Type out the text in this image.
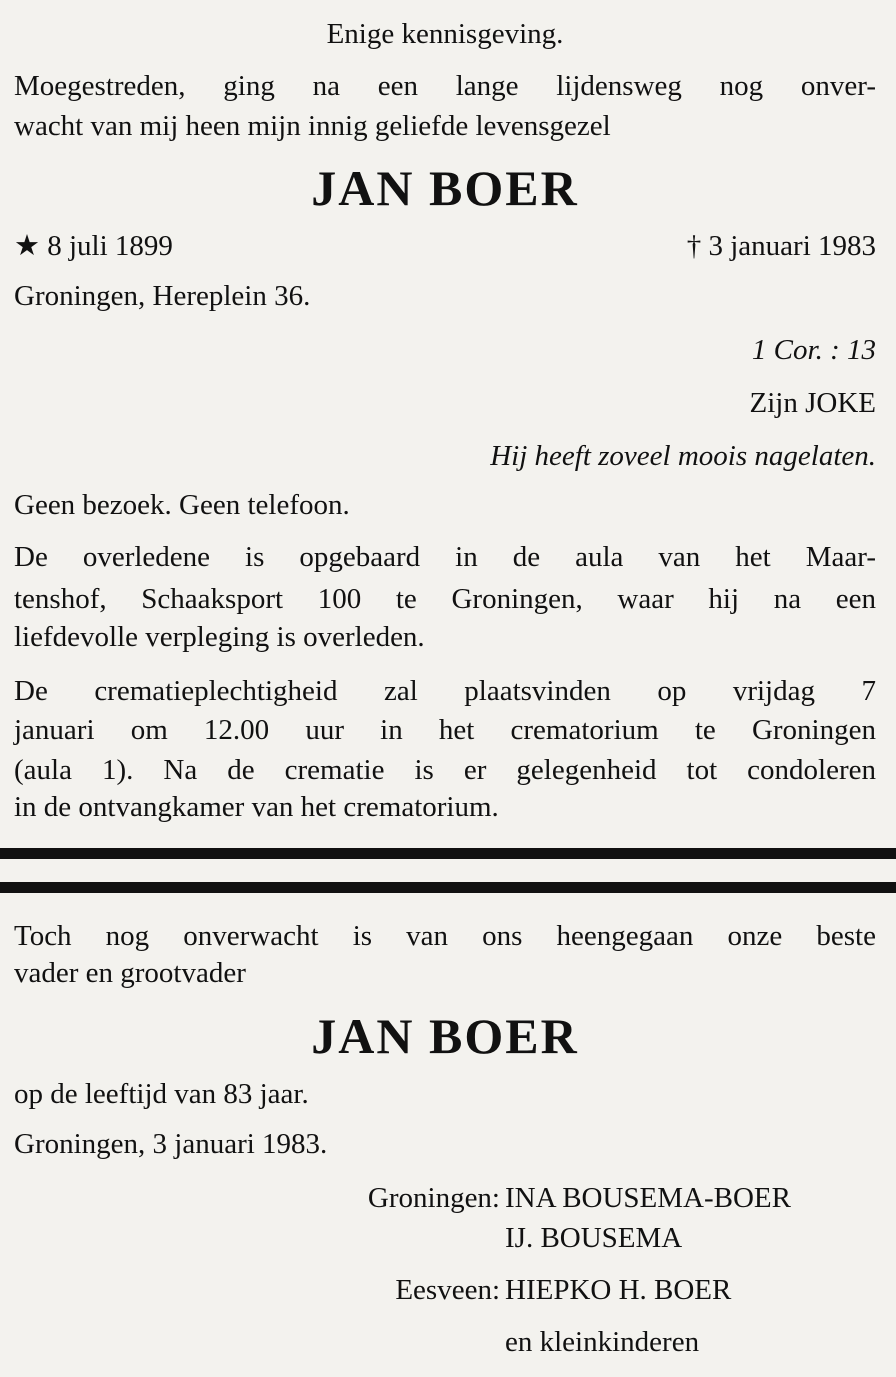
Enige kennisgeving.
Moegestreden, ging na een lange lijdensweg nog onver-
wacht van mij heen mijn innig geliefde levensgezel
JAN BOER
★ 8 juli 1899	† 3 januari 1983
Groningen, Hereplein 36.
1 Cor. : 13
Zijn JOKE
Hij heeft zoveel moois nagelaten.
Geen bezoek. Geen telefoon.
De overledene is opgebaard in de aula van het Maar-
tenshof, Schaaksport 100 te Groningen, waar hij na een
liefdevolle verpleging is overleden.
De crematieplechtigheid zal plaatsvinden op vrijdag 7
januari om 12.00 uur in het crematorium te Groningen
(aula 1). Na de crematie is er gelegenheid tot condoleren
in de ontvangkamer van het crematorium.
Toch nog onverwacht is van ons heengegaan onze beste
vader en grootvader
JAN BOER
op de leeftijd van 83 jaar.
Groningen, 3 januari 1983.
Groningen: INA BOUSEMA-BOER
IJ. BOUSEMA
Eesveen: HIEPKO H. BOER
en kleinkinderen
